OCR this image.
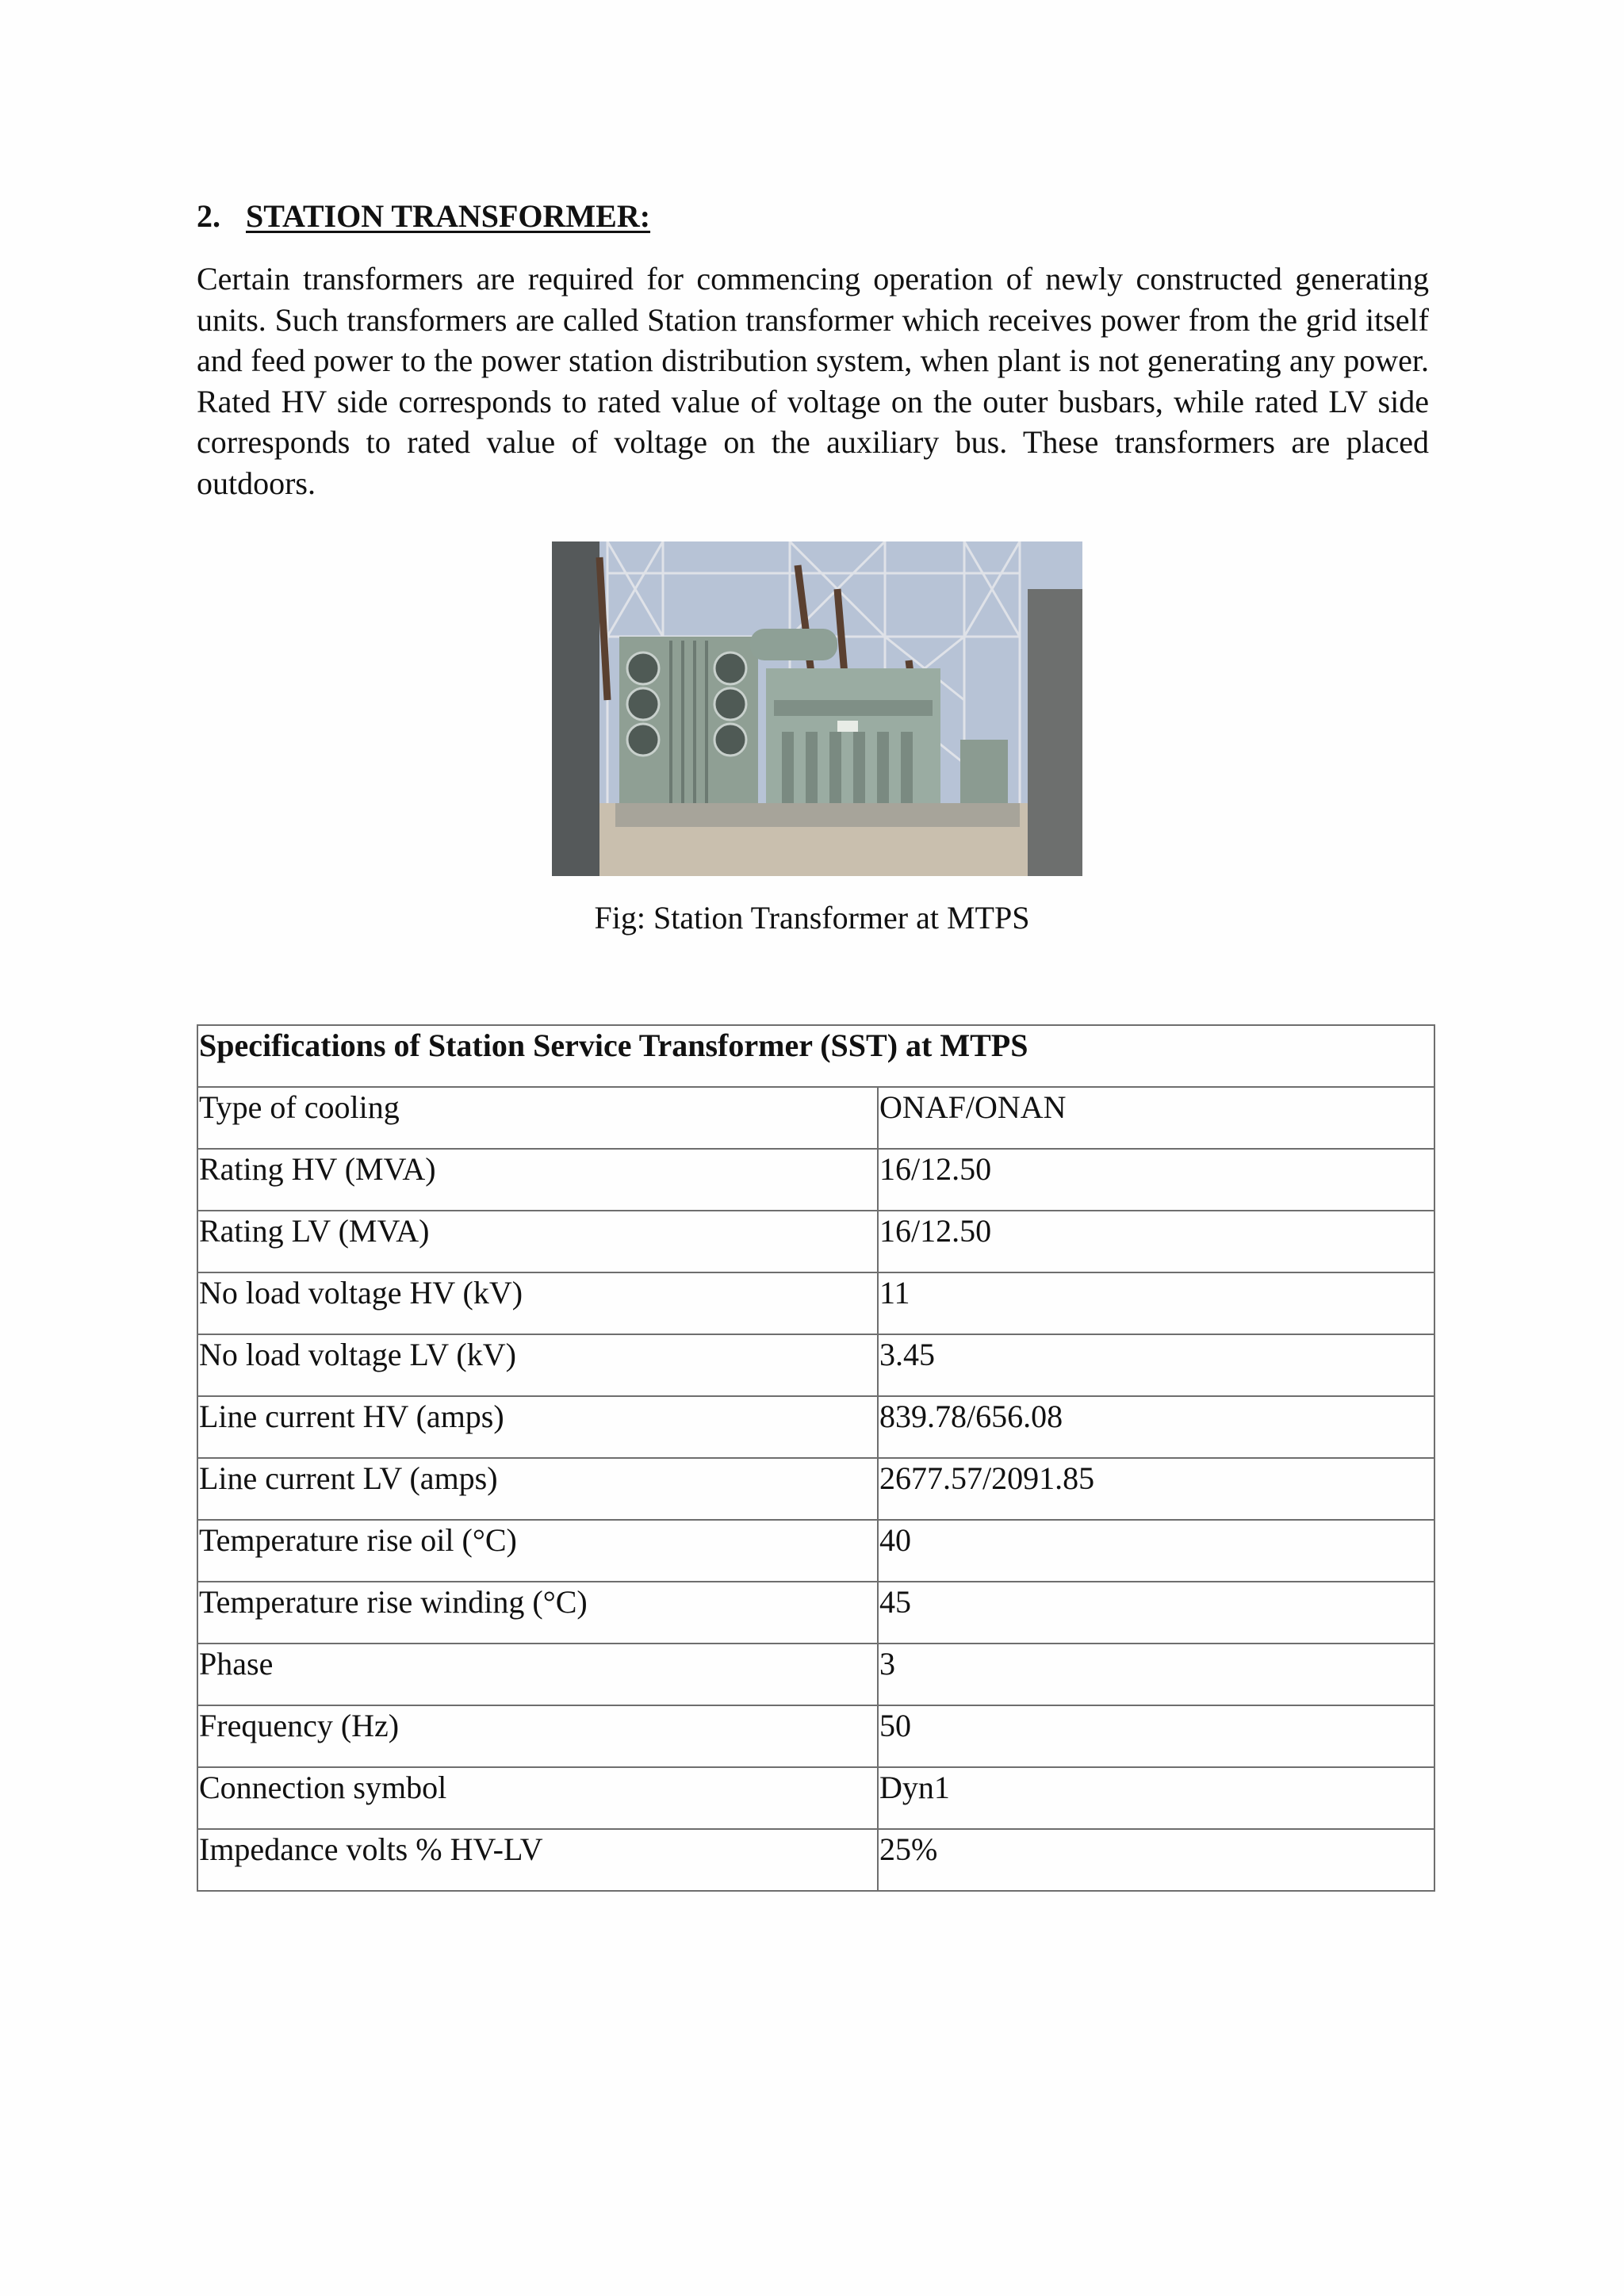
2. STATION TRANSFORMER:

Certain transformers are required for commencing operation of newly constructed generating units. Such transformers are called Station transformer which receives power from the grid itself and feed power to the power station distribution system, when plant is not generating any power. Rated HV side corresponds to rated value of voltage on the outer busbars, while rated LV side corresponds to rated value of voltage on the auxiliary bus. These transformers are placed outdoors.

Fig: Station Transformer at MTPS
Specifications of Station Service Transformer (SST) at MTPS	
Type of cooling	ONAF/ONAN
Rating HV (MVA)	16/12.50
Rating LV (MVA)	16/12.50
No load voltage HV (kV)	11
No load voltage LV (kV)	3.45
Line current HV (amps)	839.78/656.08
Line current LV (amps)	2677.57/2091.85
Temperature rise oil (°C)	40
Temperature rise winding (°C)	45
Phase	3
Frequency (Hz)	50
Connection symbol	Dyn1
Impedance volts % HV-LV	25%
